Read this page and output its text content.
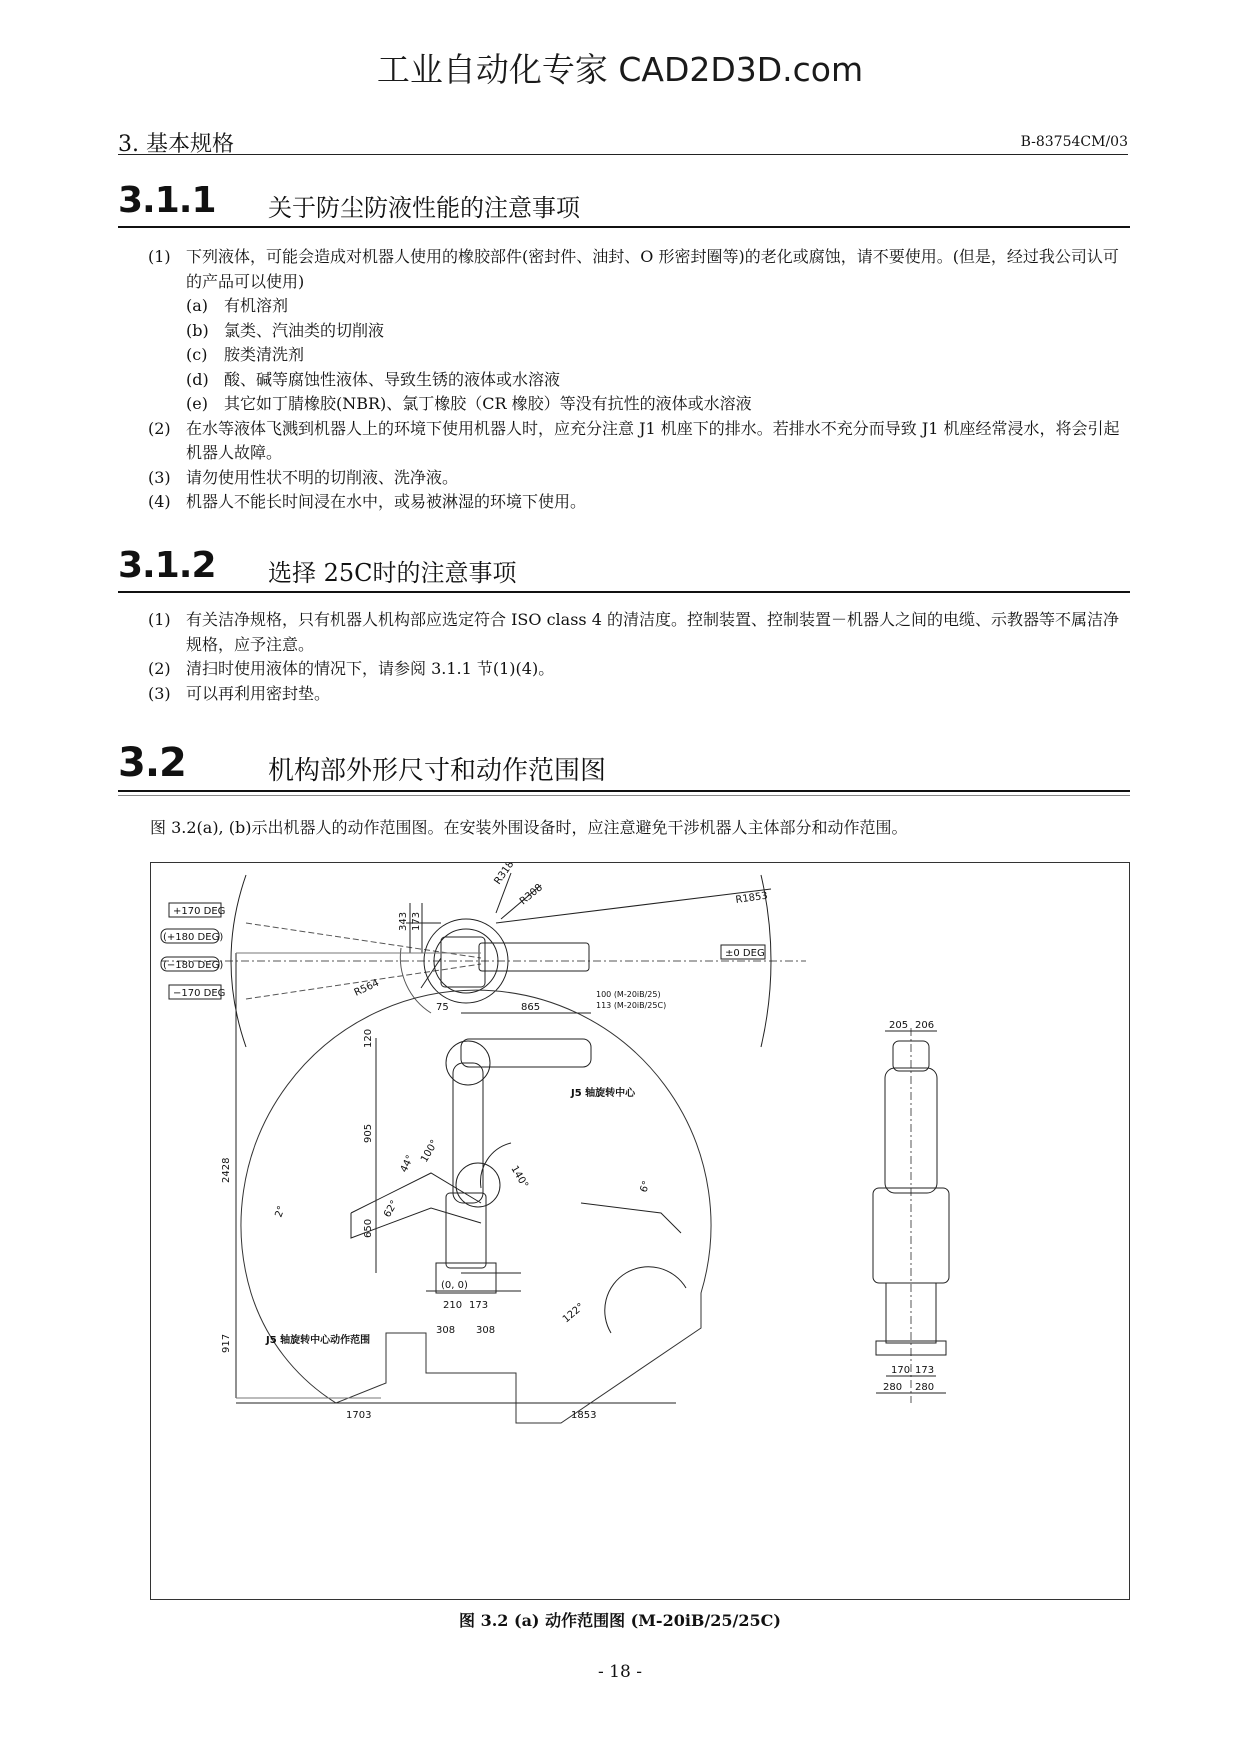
工业自动化专家 CAD2D3D.com
3. 基本规格	B-83754CM/03
3.1.1 关于防尘防液性能的注意事项
(1) 下列液体，可能会造成对机器人使用的橡胶部件(密封件、油封、O 形密封圈等)的老化或腐蚀，请不要使用。(但是，经过我公司认可的产品可以使用)
(a) 有机溶剂
(b) 氯类、汽油类的切削液
(c) 胺类清洗剂
(d) 酸、碱等腐蚀性液体、导致生锈的液体或水溶液
(e) 其它如丁腈橡胶(NBR)、氯丁橡胶（CR 橡胶）等没有抗性的液体或水溶液
(2) 在水等液体飞溅到机器人上的环境下使用机器人时，应充分注意 J1 机座下的排水。若排水不充分而导致 J1 机座经常浸水，将会引起机器人故障。
(3) 请勿使用性状不明的切削液、洗净液。
(4) 机器人不能长时间浸在水中，或易被淋湿的环境下使用。
3.1.2 选择 25C时的注意事项
(1) 有关洁净规格，只有机器人机构部应选定符合 ISO class 4 的清洁度。控制装置、控制装置－机器人之间的电缆、示教器等不属洁净规格，应予注意。
(2) 清扫时使用液体的情况下，请参阅 3.1.1 节(1)(4)。
(3) 可以再利用密封垫。
3.2	机构部外形尺寸和动作范围图
图 3.2(a), (b)示出机器人的动作范围图。在安装外围设备时，应注意避免干涉机器人主体部分和动作范围。
+170 DEG
(+180 DEG)
(−180 DEG)
−170 DEG
±0 DEG
R318
R308	R1853
R564
343 173
75	865
100 (M-20iB/25)
113 (M-20iB/25C)
2428
120
905
650
917
44° 100°
140°	6°
2°	62°
122°
(0, 0)
210 173
308 308
1703	1853
J5 轴旋转中心
J5 轴旋转中心动作范围
205 206
170 173
280 280
图 3.2 (a) 动作范围图 (M-20iB/25/25C)
- 18 -
